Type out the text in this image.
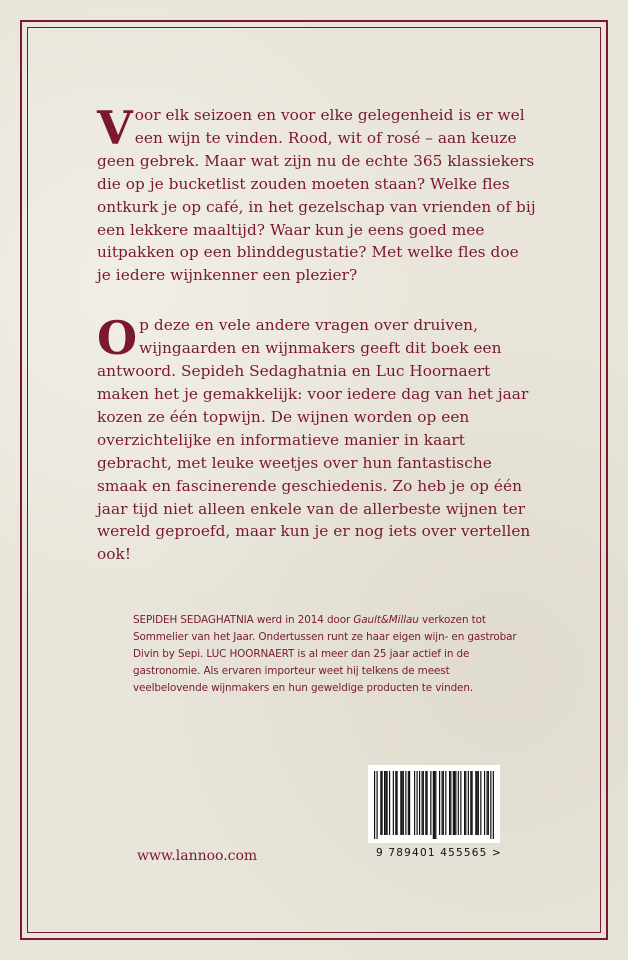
Voor elk seizoen en voor elke gelegenheid is er wel een wijn te vinden. Rood, wit of rosé – aan keuze geen gebrek. Maar wat zijn nu de echte 365 klassiekers die op je bucketlist zouden moeten staan? Welke fles ontkurk je op café, in het gezelschap van vrienden of bij een lekkere maaltijd? Waar kun je eens goed mee uitpakken op een blinddegustatie? Met welke fles doe je iedere wijnkenner een plezier?

Op deze en vele andere vragen over druiven, wijngaarden en wijnmakers geeft dit boek een antwoord. Sepideh Sedaghatnia en Luc Hoornaert maken het je gemakkelijk: voor iedere dag van het jaar kozen ze één topwijn. De wijnen worden op een overzichtelijke en informatieve manier in kaart gebracht, met leuke weetjes over hun fantastische smaak en fascinerende geschiedenis. Zo heb je op één jaar tijd niet alleen enkele van de allerbeste wijnen ter wereld geproefd, maar kun je er nog iets over vertellen ook!

SEPIDEH SEDAGHATNIA werd in 2014 door Gault&Millau verkozen tot Sommelier van het Jaar. Ondertussen runt ze haar eigen wijn- en gastrobar Divin by Sepi. LUC HOORNAERT is al meer dan 25 jaar actief in de gastronomie. Als ervaren importeur weet hij telkens de meest veelbelovende wijnmakers en hun geweldige producten te vinden.
www.lannoo.com	9 789401 455565 >
